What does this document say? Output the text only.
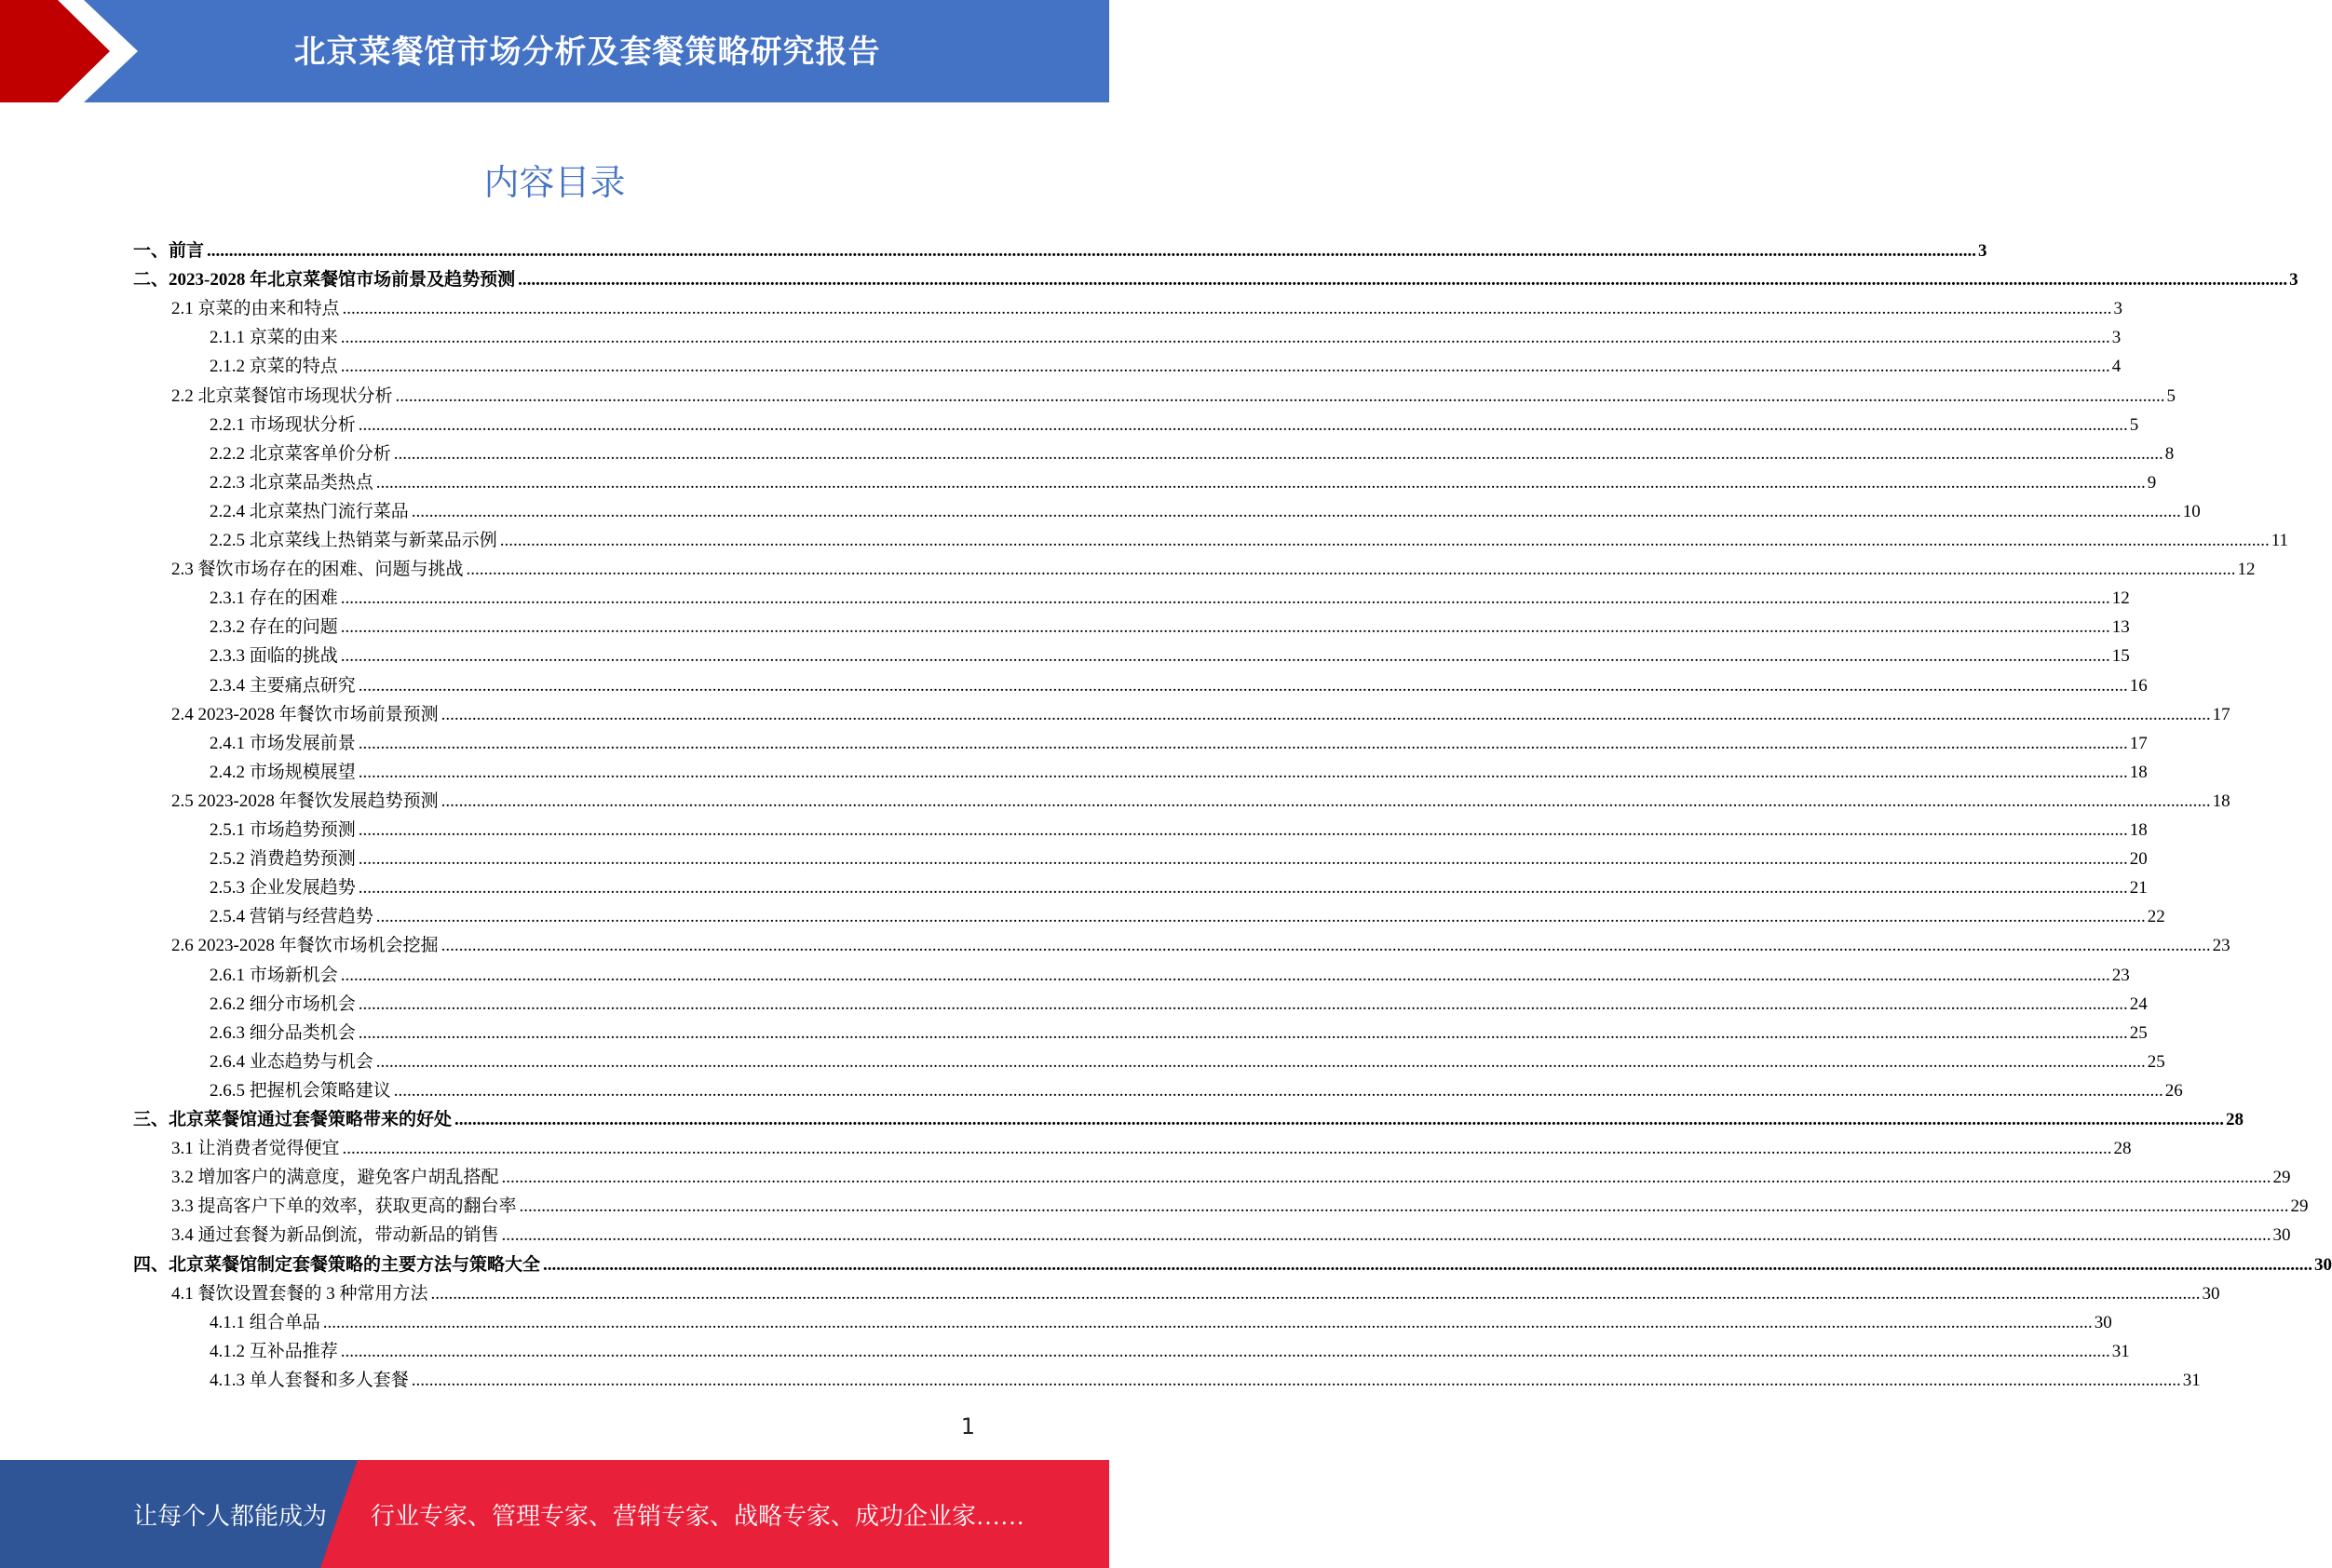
北京菜餐馆市场分析及套餐策略研究报告
内容目录
一、前言 ................................................................................................................................................................................................................................................................................................................................................................................................................ 3
二、2023-2028 年北京菜餐馆市场前景及趋势预测 ................................................................................................................................................................................................................................................................................................................................................................................................................ 3
2.1 京菜的由来和特点 ................................................................................................................................................................................................................................................................................................................................................................................................................ 3
2.1.1 京菜的由来 ................................................................................................................................................................................................................................................................................................................................................................................................................ 3
2.1.2 京菜的特点 ................................................................................................................................................................................................................................................................................................................................................................................................................ 4
2.2 北京菜餐馆市场现状分析 ................................................................................................................................................................................................................................................................................................................................................................................................................ 5
2.2.1 市场现状分析 ................................................................................................................................................................................................................................................................................................................................................................................................................ 5
2.2.2 北京菜客单价分析 ................................................................................................................................................................................................................................................................................................................................................................................................................ 8
2.2.3 北京菜品类热点 ................................................................................................................................................................................................................................................................................................................................................................................................................ 9
2.2.4 北京菜热门流行菜品 ................................................................................................................................................................................................................................................................................................................................................................................................................ 10
2.2.5 北京菜线上热销菜与新菜品示例 ................................................................................................................................................................................................................................................................................................................................................................................................................ 11
2.3 餐饮市场存在的困难、问题与挑战 ................................................................................................................................................................................................................................................................................................................................................................................................................ 12
2.3.1 存在的困难 ................................................................................................................................................................................................................................................................................................................................................................................................................ 12
2.3.2 存在的问题 ................................................................................................................................................................................................................................................................................................................................................................................................................ 13
2.3.3 面临的挑战 ................................................................................................................................................................................................................................................................................................................................................................................................................ 15
2.3.4 主要痛点研究 ................................................................................................................................................................................................................................................................................................................................................................................................................ 16
2.4 2023-2028 年餐饮市场前景预测 ................................................................................................................................................................................................................................................................................................................................................................................................................ 17
2.4.1 市场发展前景 ................................................................................................................................................................................................................................................................................................................................................................................................................ 17
2.4.2 市场规模展望 ................................................................................................................................................................................................................................................................................................................................................................................................................ 18
2.5 2023-2028 年餐饮发展趋势预测 ................................................................................................................................................................................................................................................................................................................................................................................................................ 18
2.5.1 市场趋势预测 ................................................................................................................................................................................................................................................................................................................................................................................................................ 18
2.5.2 消费趋势预测 ................................................................................................................................................................................................................................................................................................................................................................................................................ 20
2.5.3 企业发展趋势 ................................................................................................................................................................................................................................................................................................................................................................................................................ 21
2.5.4 营销与经营趋势 ................................................................................................................................................................................................................................................................................................................................................................................................................ 22
2.6 2023-2028 年餐饮市场机会挖掘 ................................................................................................................................................................................................................................................................................................................................................................................................................ 23
2.6.1 市场新机会 ................................................................................................................................................................................................................................................................................................................................................................................................................ 23
2.6.2 细分市场机会 ................................................................................................................................................................................................................................................................................................................................................................................................................ 24
2.6.3 细分品类机会 ................................................................................................................................................................................................................................................................................................................................................................................................................ 25
2.6.4 业态趋势与机会 ................................................................................................................................................................................................................................................................................................................................................................................................................ 25
2.6.5 把握机会策略建议 ................................................................................................................................................................................................................................................................................................................................................................................................................ 26
三、北京菜餐馆通过套餐策略带来的好处 ................................................................................................................................................................................................................................................................................................................................................................................................................ 28
3.1 让消费者觉得便宜 ................................................................................................................................................................................................................................................................................................................................................................................................................ 28
3.2 增加客户的满意度，避免客户胡乱搭配 ................................................................................................................................................................................................................................................................................................................................................................................................................ 29
3.3 提高客户下单的效率，获取更高的翻台率 ................................................................................................................................................................................................................................................................................................................................................................................................................ 29
3.4 通过套餐为新品倒流，带动新品的销售 ................................................................................................................................................................................................................................................................................................................................................................................................................ 30
四、北京菜餐馆制定套餐策略的主要方法与策略大全 ................................................................................................................................................................................................................................................................................................................................................................................................................ 30
4.1 餐饮设置套餐的 3 种常用方法 ................................................................................................................................................................................................................................................................................................................................................................................................................ 30
4.1.1 组合单品 ................................................................................................................................................................................................................................................................................................................................................................................................................ 30
4.1.2 互补品推荐 ................................................................................................................................................................................................................................................................................................................................................................................................................ 31
4.1.3 单人套餐和多人套餐 ................................................................................................................................................................................................................................................................................................................................................................................................................ 31
1
让每个人都能成为 行业专家、管理专家、营销专家、战略专家、成功企业家……
